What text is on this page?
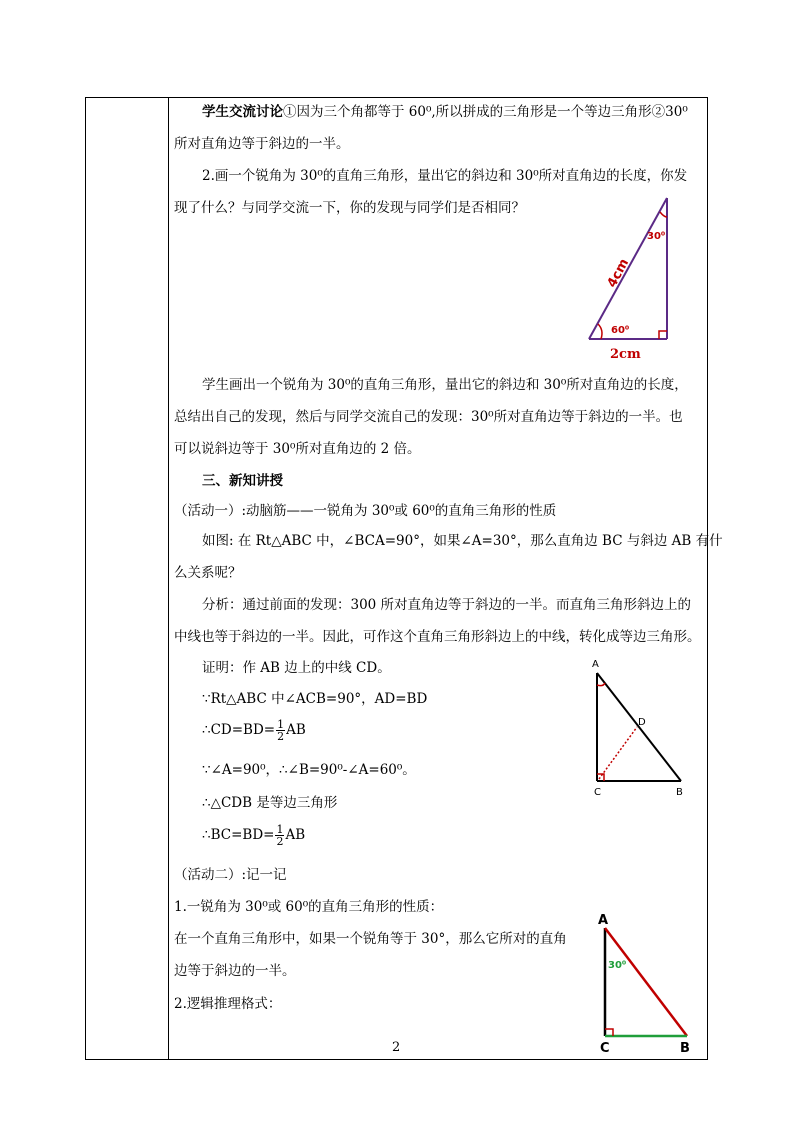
学生交流讨论①因为三个角都等于 60⁰,所以拼成的三角形是一个等边三角形②30⁰
所对直角边等于斜边的一半。
2.画一个锐角为 30⁰的直角三角形，量出它的斜边和 30⁰所对直角边的长度，你发
现了什么？与同学交流一下，你的发现与同学们是否相同？
学生画出一个锐角为 30⁰的直角三角形，量出它的斜边和 30⁰所对直角边的长度，
总结出自己的发现，然后与同学交流自己的发现：30⁰所对直角边等于斜边的一半。也
可以说斜边等于 30⁰所对直角边的 2 倍。
三、新知讲授
（活动一）:动脑筋——一锐角为 30⁰或 60⁰的直角三角形的性质
如图: 在 Rt△ABC 中，∠BCA=90°，如果∠A=30°，那么直角边 BC 与斜边 AB 有什
么关系呢？
分析：通过前面的发现：300 所对直角边等于斜边的一半。而直角三角形斜边上的
中线也等于斜边的一半。因此，可作这个直角三角形斜边上的中线，转化成等边三角形。
证明：作 AB 边上的中线 CD。
∵Rt△ABC 中∠ACB=90°，AD=BD
∴CD=BD= $\frac{1}{2}$ AB
∵∠A=90⁰，∴∠B=90⁰-∠A=60⁰。
∴△CDB 是等边三角形
∴BC=BD= $\frac{1}{2}$ AB
（活动二）:记一记
1.一锐角为 30⁰或 60⁰的直角三角形的性质：
在一个直角三角形中，如果一个锐角等于 30°，那么它所对的直角
边等于斜边的一半。
2.逻辑推理格式：
4cm
30⁰
60⁰
2cm
A
D
C	B
A
30⁰
C	B
2
